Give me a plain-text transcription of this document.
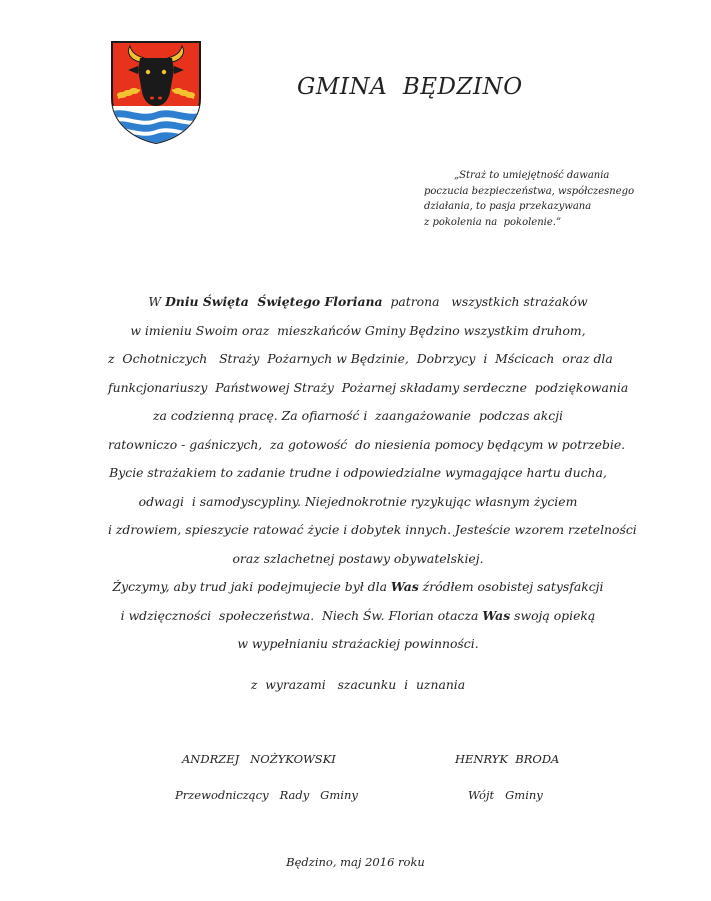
GMINA  BĘDZINO
„Straż to umiejętność dawania
poczucia bezpieczeństwa, współczesnego
działania, to pasja przekazywana
z pokolenia na  pokolenie.”
W Dniu Święta  Świętego Floriana  patrona   wszystkich strażaków
w imieniu Swoim oraz  mieszkańców Gminy Będzino wszystkim druhom,
z  Ochotniczych   Straży  Pożarnych w Będzinie,  Dobrzycy  i  Mścicach  oraz dla
funkcjonariuszy  Państwowej Straży  Pożarnej składamy serdeczne  podziękowania
za codzienną pracę. Za ofiarność i  zaangażowanie  podczas akcji
ratowniczo - gaśniczych,  za gotowość  do niesienia pomocy będącym w potrzebie.
Bycie strażakiem to zadanie trudne i odpowiedzialne wymagające hartu ducha,
odwagi  i samodyscypliny. Niejednokrotnie ryzykując własnym życiem
i zdrowiem, spieszycie ratować życie i dobytek innych. Jesteście wzorem rzetelności
oraz szlachetnej postawy obywatelskiej.
Życzymy, aby trud jaki podejmujecie był dla Was źródłem osobistej satysfakcji
i wdzięczności  społeczeństwa.  Niech Św. Florian otacza Was swoją opieką
w wypełnianiu strażackiej powinności.
z  wyrazami   szacunku  i  uznania
ANDRZEJ   NOŻYKOWSKI
Przewodniczący   Rady   Gminy
HENRYK  BRODA
Wójt   Gminy
Będzino, maj 2016 roku
